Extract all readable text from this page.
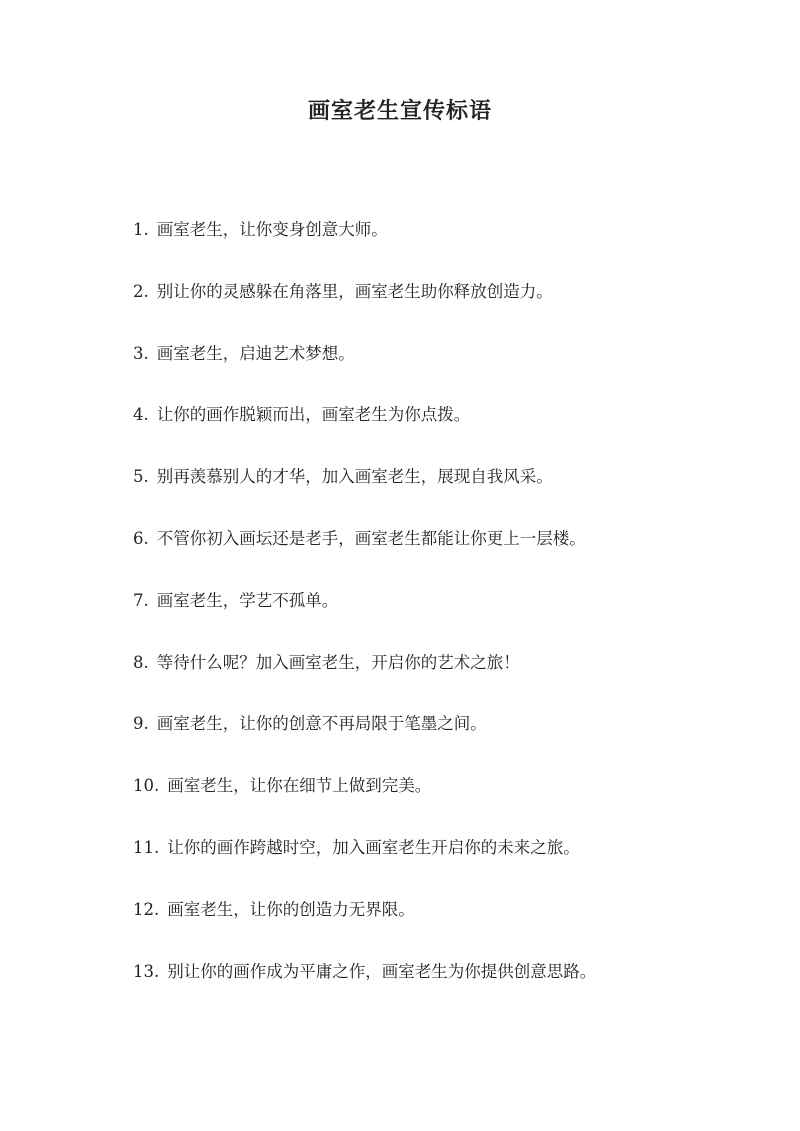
画室老生宣传标语
1. 画室老生，让你变身创意大师。
2. 别让你的灵感躲在角落里，画室老生助你释放创造力。
3. 画室老生，启迪艺术梦想。
4. 让你的画作脱颖而出，画室老生为你点拨。
5. 别再羡慕别人的才华，加入画室老生，展现自我风采。
6. 不管你初入画坛还是老手，画室老生都能让你更上一层楼。
7. 画室老生，学艺不孤单。
8. 等待什么呢？加入画室老生，开启你的艺术之旅！
9. 画室老生，让你的创意不再局限于笔墨之间。
10. 画室老生，让你在细节上做到完美。
11. 让你的画作跨越时空，加入画室老生开启你的未来之旅。
12. 画室老生，让你的创造力无界限。
13. 别让你的画作成为平庸之作，画室老生为你提供创意思路。
